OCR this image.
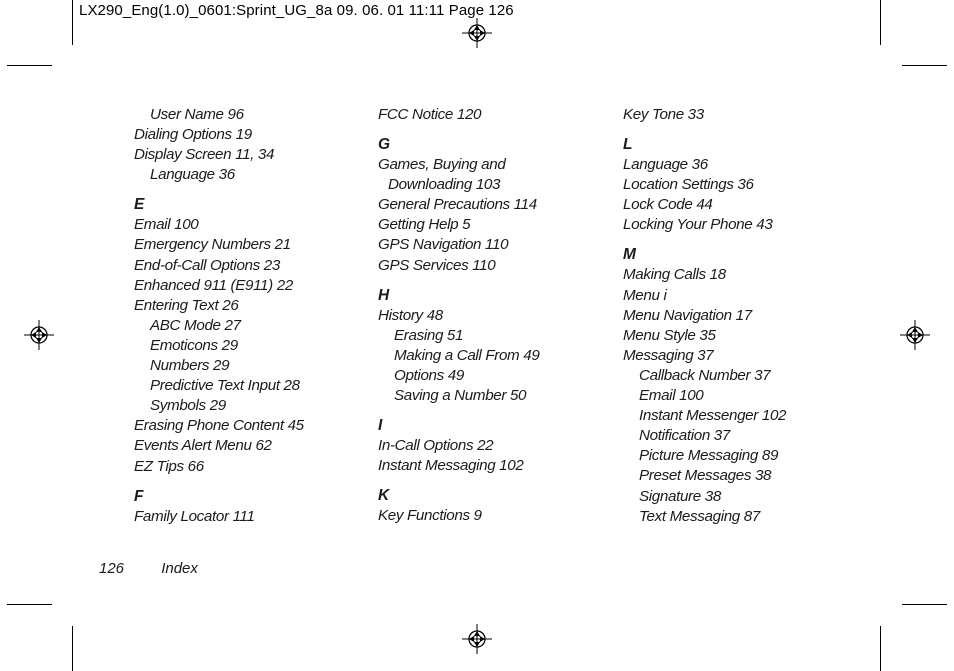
LX290_Eng(1.0)_0601:Sprint_UG_8a 09. 06. 01 11:11 Page 126
User Name 96
Dialing Options 19
Display Screen 11, 34
Language 36
E
Email 100
Emergency Numbers 21
End-of-Call Options 23
Enhanced 911 (E911) 22
Entering Text 26
ABC Mode 27
Emoticons 29
Numbers 29
Predictive Text Input 28
Symbols 29
Erasing Phone Content 45
Events Alert Menu 62
EZ Tips 66
F
Family Locator 111
FCC Notice 120
G
Games, Buying and
Downloading 103
General Precautions 114
Getting Help 5
GPS Navigation 110
GPS Services 110
H
History 48
Erasing 51
Making a Call From 49
Options 49
Saving a Number 50
I
In-Call Options 22
Instant Messaging 102
K
Key Functions 9
Key Tone 33
L
Language 36
Location Settings 36
Lock Code 44
Locking Your Phone 43
M
Making Calls 18
Menu i
Menu Navigation 17
Menu Style 35
Messaging 37
Callback Number 37
Email 100
Instant Messenger 102
Notification 37
Picture Messaging 89
Preset Messages 38
Signature 38
Text Messaging 87
126 Index
